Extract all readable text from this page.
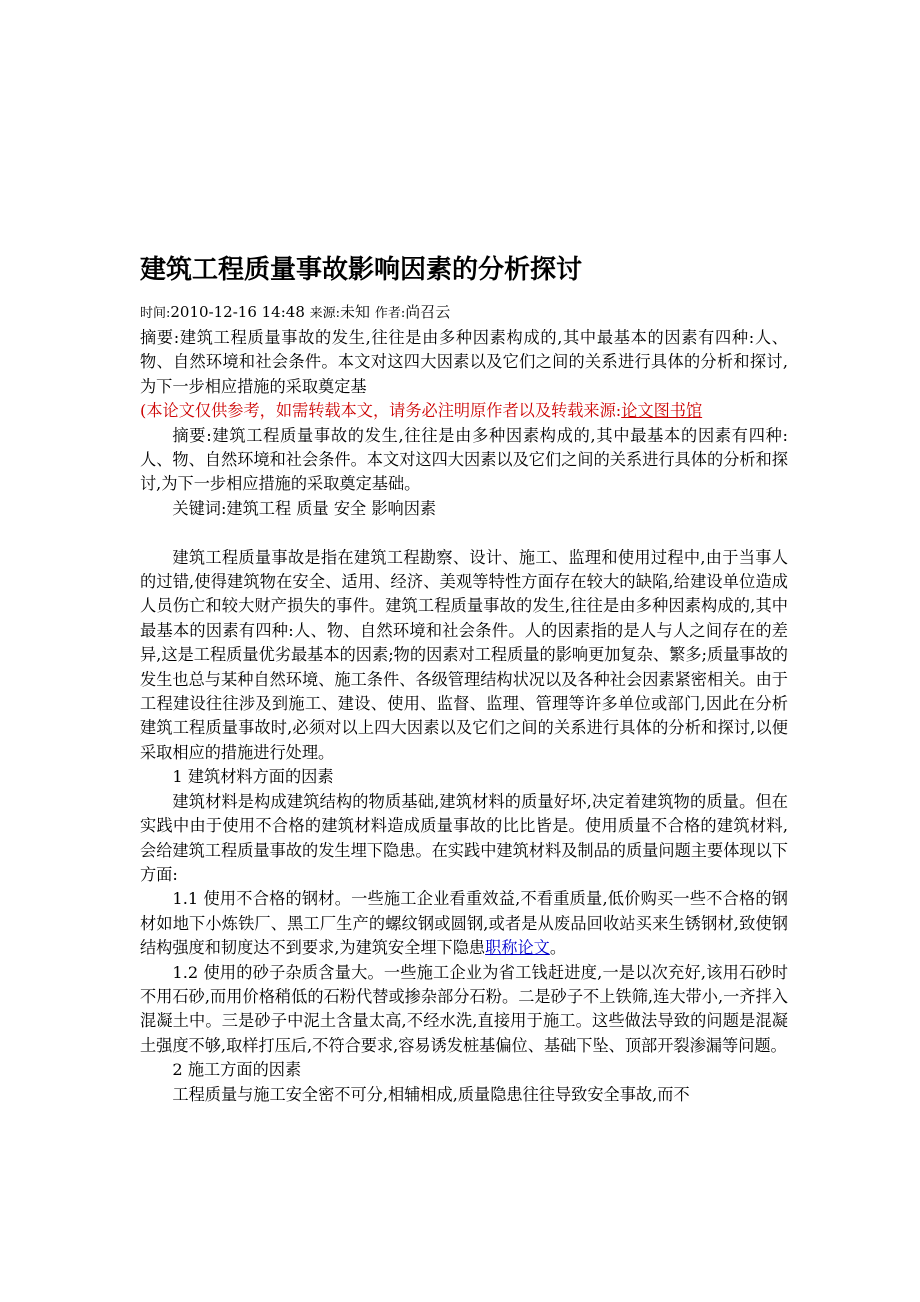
建筑工程质量事故影响因素的分析探讨
时间:2010-12-16 14:48 来源:未知 作者:尚召云

摘要:建筑工程质量事故的发生,往往是由多种因素构成的,其中最基本的因素有四种:人、物、自然环境和社会条件。本文对这四大因素以及它们之间的关系进行具体的分析和探讨,为下一步相应措施的采取奠定基

(本论文仅供参考，如需转载本文，请务必注明原作者以及转载来源:论文图书馆

摘要:建筑工程质量事故的发生,往往是由多种因素构成的,其中最基本的因素有四种:人、物、自然环境和社会条件。本文对这四大因素以及它们之间的关系进行具体的分析和探讨,为下一步相应措施的采取奠定基础。

关键词:建筑工程 质量 安全 影响因素

建筑工程质量事故是指在建筑工程勘察、设计、施工、监理和使用过程中,由于当事人的过错,使得建筑物在安全、适用、经济、美观等特性方面存在较大的缺陷,给建设单位造成人员伤亡和较大财产损失的事件。建筑工程质量事故的发生,往往是由多种因素构成的,其中最基本的因素有四种:人、物、自然环境和社会条件。人的因素指的是人与人之间存在的差异,这是工程质量优劣最基本的因素;物的因素对工程质量的影响更加复杂、繁多;质量事故的发生也总与某种自然环境、施工条件、各级管理结构状况以及各种社会因素紧密相关。由于工程建设往往涉及到施工、建设、使用、监督、监理、管理等许多单位或部门,因此在分析建筑工程质量事故时,必须对以上四大因素以及它们之间的关系进行具体的分析和探讨,以便采取相应的措施进行处理。

1 建筑材料方面的因素

建筑材料是构成建筑结构的物质基础,建筑材料的质量好坏,决定着建筑物的质量。但在实践中由于使用不合格的建筑材料造成质量事故的比比皆是。使用质量不合格的建筑材料,会给建筑工程质量事故的发生埋下隐患。在实践中建筑材料及制品的质量问题主要体现以下方面:

1.1 使用不合格的钢材。一些施工企业看重效益,不看重质量,低价购买一些不合格的钢材如地下小炼铁厂、黑工厂生产的螺纹钢或圆钢,或者是从废品回收站买来生锈钢材,致使钢结构强度和韧度达不到要求,为建筑安全埋下隐患职称论文。

1.2 使用的砂子杂质含量大。一些施工企业为省工钱赶进度,一是以次充好,该用石砂时不用石砂,而用价格稍低的石粉代替或掺杂部分石粉。二是砂子不上铁筛,连大带小,一齐拌入混凝土中。三是砂子中泥土含量太高,不经水洗,直接用于施工。这些做法导致的问题是混凝土强度不够,取样打压后,不符合要求,容易诱发桩基偏位、基础下坠、顶部开裂渗漏等问题。

2 施工方面的因素

工程质量与施工安全密不可分,相辅相成,质量隐患往往导致安全事故,而不
